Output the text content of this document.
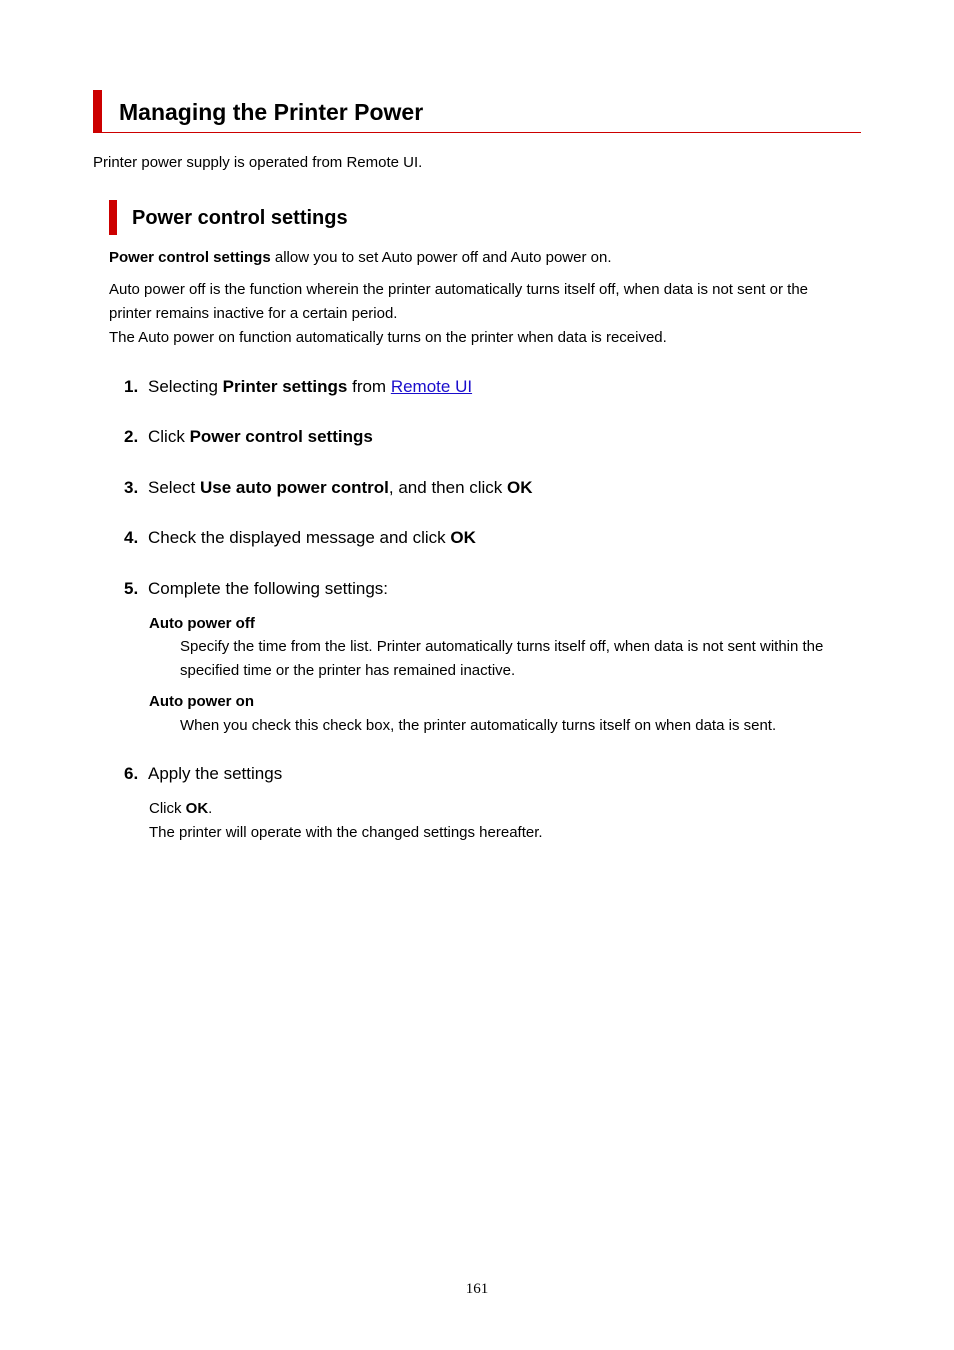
Managing the Printer Power
Printer power supply is operated from Remote UI.
Power control settings
Power control settings allow you to set Auto power off and Auto power on.
Auto power off is the function wherein the printer automatically turns itself off, when data is not sent or the
printer remains inactive for a certain period.
The Auto power on function automatically turns on the printer when data is received.
1. Selecting Printer settings from Remote UI
2. Click Power control settings
3. Select Use auto power control, and then click OK
4. Check the displayed message and click OK
5. Complete the following settings:
Auto power off
Specify the time from the list. Printer automatically turns itself off, when data is not sent within the
specified time or the printer has remained inactive.
Auto power on
When you check this check box, the printer automatically turns itself on when data is sent.
6. Apply the settings
Click OK.
The printer will operate with the changed settings hereafter.
161
